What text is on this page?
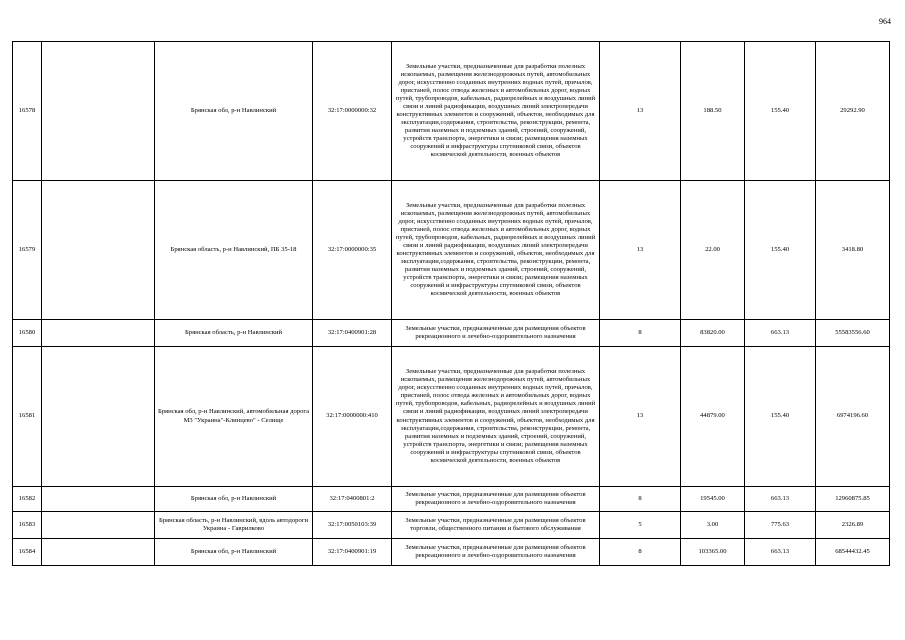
964
16578		Брянская обл, р-н Навлинский	32:17:0000000:32	Земельные участки, предназначенные для разработки полезных ископаемых, размещения железнодорожных путей, автомобильных дорог, искусственно созданных внутренних водных путей, причалов, пристаней, полос отвода железных и автомобильных дорог, водных путей, трубопроводов, кабельных, радиорелейных и воздушных линий связи и линий радиофикации, воздушных линий электропередачи конструктивных элементов и сооружений, объектов, необходимых для эксплуатации,содержания, строительства, реконструкции, ремонта, развития наземных и подземных зданий, строений, сооружений, устройств транспорта, энергетики и связи; размещения наземных сооружений и инфраструктуры спутниковой связи, объектов космической деятельности, военных объектов	13	188.50	155.40	29292.90
16579		Брянская область, р-н Навлинский, ПБ 35-18	32:17:0000000:35	Земельные участки, предназначенные для разработки полезных ископаемых, размещения железнодорожных путей, автомобильных дорог, искусственно созданных внутренних водных путей, причалов, пристаней, полос отвода железных и автомобильных дорог, водных путей, трубопроводов, кабельных, радиорелейных и воздушных линий связи и линий радиофикации, воздушных линий электропередачи конструктивных элементов и сооружений, объектов, необходимых для эксплуатации,содержания, строительства, реконструкции, ремонта, развития наземных и подземных зданий, строений, сооружений, устройств транспорта, энергетики и связи; размещения наземных сооружений и инфраструктуры спутниковой связи, объектов космической деятельности, военных объектов	13	22.00	155.40	3418.80
16580		Брянская область, р-н Навлинский	32:17:0400901:28	Земельные участки, предназначенные для размещения объектов рекреационного и лечебно-оздоровительного назначения	8	83820.00	663.13	55583556.60
16581		Брянская обл, р-н Навлинский, автомобильная дорога М3 "Украина"-Клинцево" - Селище	32:17:0000000:410	Земельные участки, предназначенные для разработки полезных ископаемых, размещения железнодорожных путей, автомобильных дорог, искусственно созданных внутренних водных путей, причалов, пристаней, полос отвода железных и автомобильных дорог, водных путей, трубопроводов, кабельных, радиорелейных и воздушных линий связи и линий радиофикации, воздушных линий электропередачи конструктивных элементов и сооружений, объектов, необходимых для эксплуатации,содержания, строительства, реконструкции, ремонта, развития наземных и подземных зданий, строений, сооружений, устройств транспорта, энергетики и связи; размещения наземных сооружений и инфраструктуры спутниковой связи, объектов космической деятельности, военных объектов	13	44879.00	155.40	6974196.60
16582		Брянская обл, р-н Навлинский	32:17:0400801:2	Земельные участки, предназначенные для размещения объектов рекреационного и лечебно-оздоровительного назначения	8	19545.00	663.13	12960875.85
16583		Брянская область, р-н Навлинский, вдоль автодороги Украина - Гаврилково	32:17:0050103:39	Земельные участки, предназначенные для размещения объектов торговли, общественного питания и бытового обслуживания	5	3.00	775.63	2326.89
16584		Брянская обл, р-н Навлинский	32:17:0400901:19	Земельные участки, предназначенные для размещения объектов рекреационного и лечебно-оздоровительного назначения	8	103365.00	663.13	68544432.45
